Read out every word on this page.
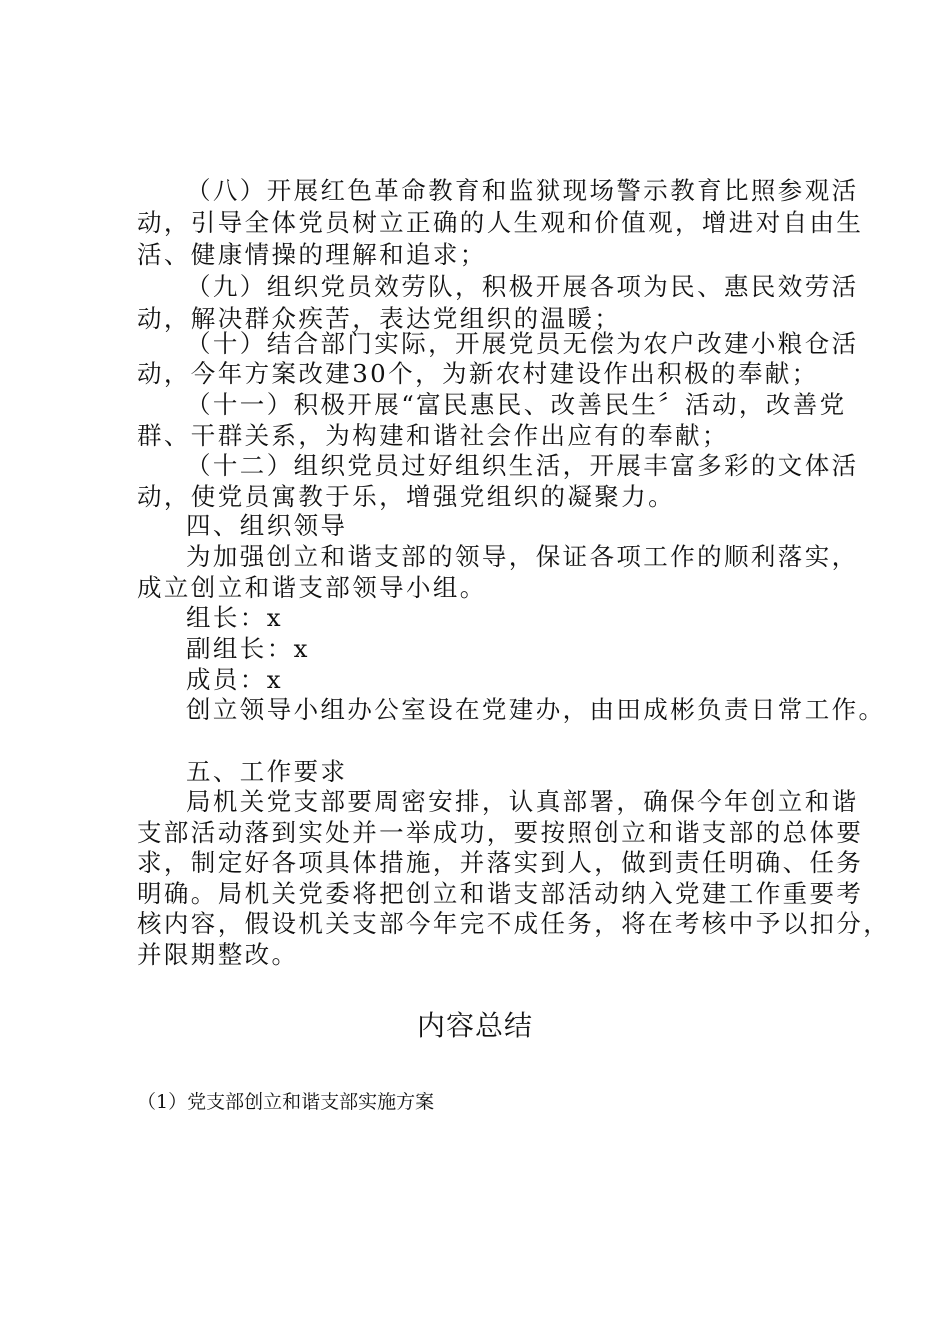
（八）开展红色革命教育和监狱现场警示教育比照参观活
动，引导全体党员树立正确的人生观和价值观，增进对自由生
活、健康情操的理解和追求；
（九）组织党员效劳队，积极开展各项为民、惠民效劳活
动，解决群众疾苦，表达党组织的温暖；
（十）结合部门实际，开展党员无偿为农户改建小粮仓活
动，今年方案改建30个，为新农村建设作出积极的奉献；
（十一）积极开展“富民惠民、改善民生〞活动，改善党
群、干群关系，为构建和谐社会作出应有的奉献；
（十二）组织党员过好组织生活，开展丰富多彩的文体活
动，使党员寓教于乐，增强党组织的凝聚力。
四、组织领导
为加强创立和谐支部的领导，保证各项工作的顺利落实，
成立创立和谐支部领导小组。
组长：x
副组长：x
成员：x
创立领导小组办公室设在党建办，由田成彬负责日常工作。
五、工作要求
局机关党支部要周密安排，认真部署，确保今年创立和谐
支部活动落到实处并一举成功，要按照创立和谐支部的总体要
求，制定好各项具体措施，并落实到人，做到责任明确、任务
明确。局机关党委将把创立和谐支部活动纳入党建工作重要考
核内容，假设机关支部今年完不成任务，将在考核中予以扣分，
并限期整改。
内容总结
（1）党支部创立和谐支部实施方案
